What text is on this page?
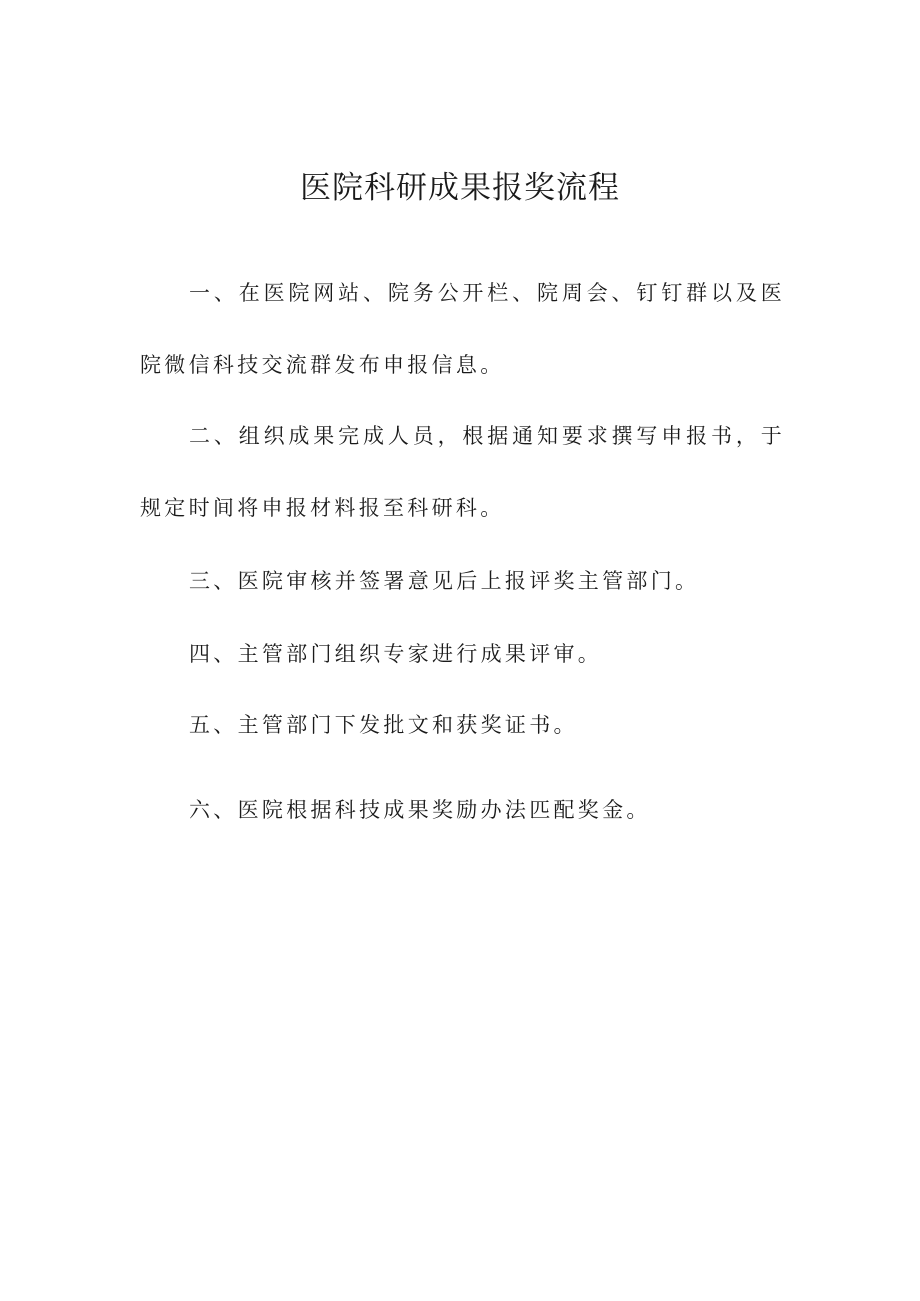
医院科研成果报奖流程

一、在医院网站、院务公开栏、院周会、钉钉群以及医院微信科技交流群发布申报信息。

二、组织成果完成人员，根据通知要求撰写申报书，于规定时间将申报材料报至科研科。

三、医院审核并签署意见后上报评奖主管部门。

四、主管部门组织专家进行成果评审。

五、主管部门下发批文和获奖证书。

六、医院根据科技成果奖励办法匹配奖金。
